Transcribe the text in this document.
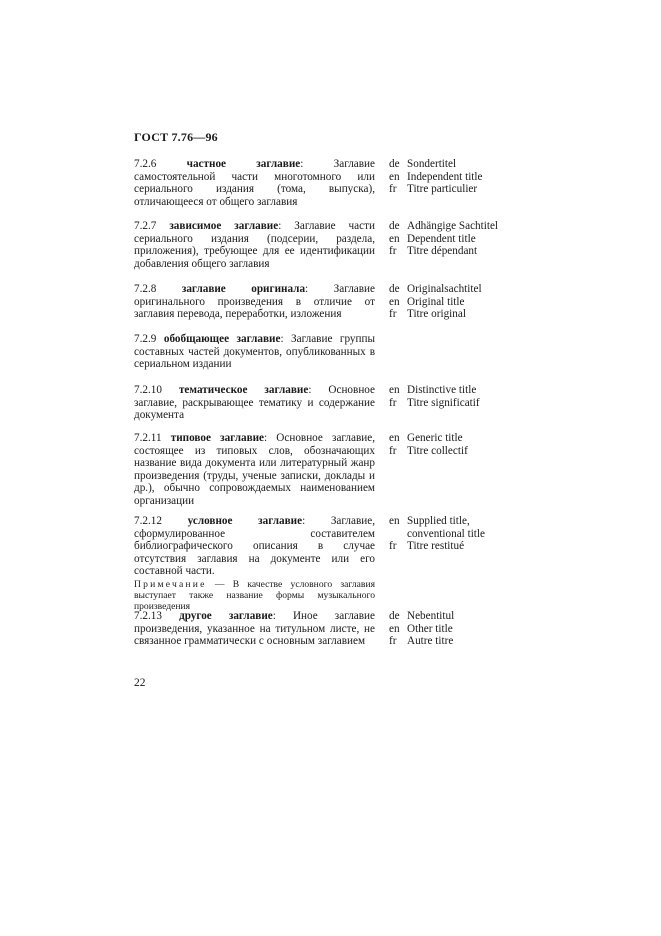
ГОСТ 7.76—96
7.2.6	частное заглавие: Заглавие самостоятельной части многотомного или сериального издания (тома, выпуска), отличающееся от общего заглавия
de Sondertitel
en Independent title
fr Titre particulier
7.2.7 зависимое заглавие: Заглавие части сериального издания (подсерии, раздела, приложения), требующее для ее идентификации добавления общего заглавия
de Adhängige Sachtitel
en Dependent title
fr Titre dépendant
7.2.8 заглавие оригинала: Заглавие оригинального произведения в отличие от заглавия перевода, переработки, изложения
de Originalsachtitel
en Original title
fr Titre original
7.2.9 обобщающее заглавие: Заглавие группы составных частей документов, опубликованных в сериальном издании
7.2.10 тематическое заглавие: Основное заглавие, раскрывающее тематику и содержание документа
en Distinctive title
fr Titre significatif
7.2.11 типовое заглавие: Основное заглавие, состоящее из типовых слов, обозначающих название вида документа или литературный жанр произведения (труды, ученые записки, доклады и др.), обычно сопровождаемых наименованием организации
en Generic title
fr Titre collectif
7.2.12 условное заглавие: Заглавие, сформулированное составителем библиографического описания в случае отсутствия заглавия на документе или его составной части.
Примечание — В качестве условного заглавия выступает также название формы музыкального произведения
en Supplied title, conventional title
fr Titre restitué
7.2.13 другое заглавие: Иное заглавие произведения, указанное на титульном листе, не связанное грамматически с основным заглавием
de Nebentitul
en Other title
fr Autre titre
22
